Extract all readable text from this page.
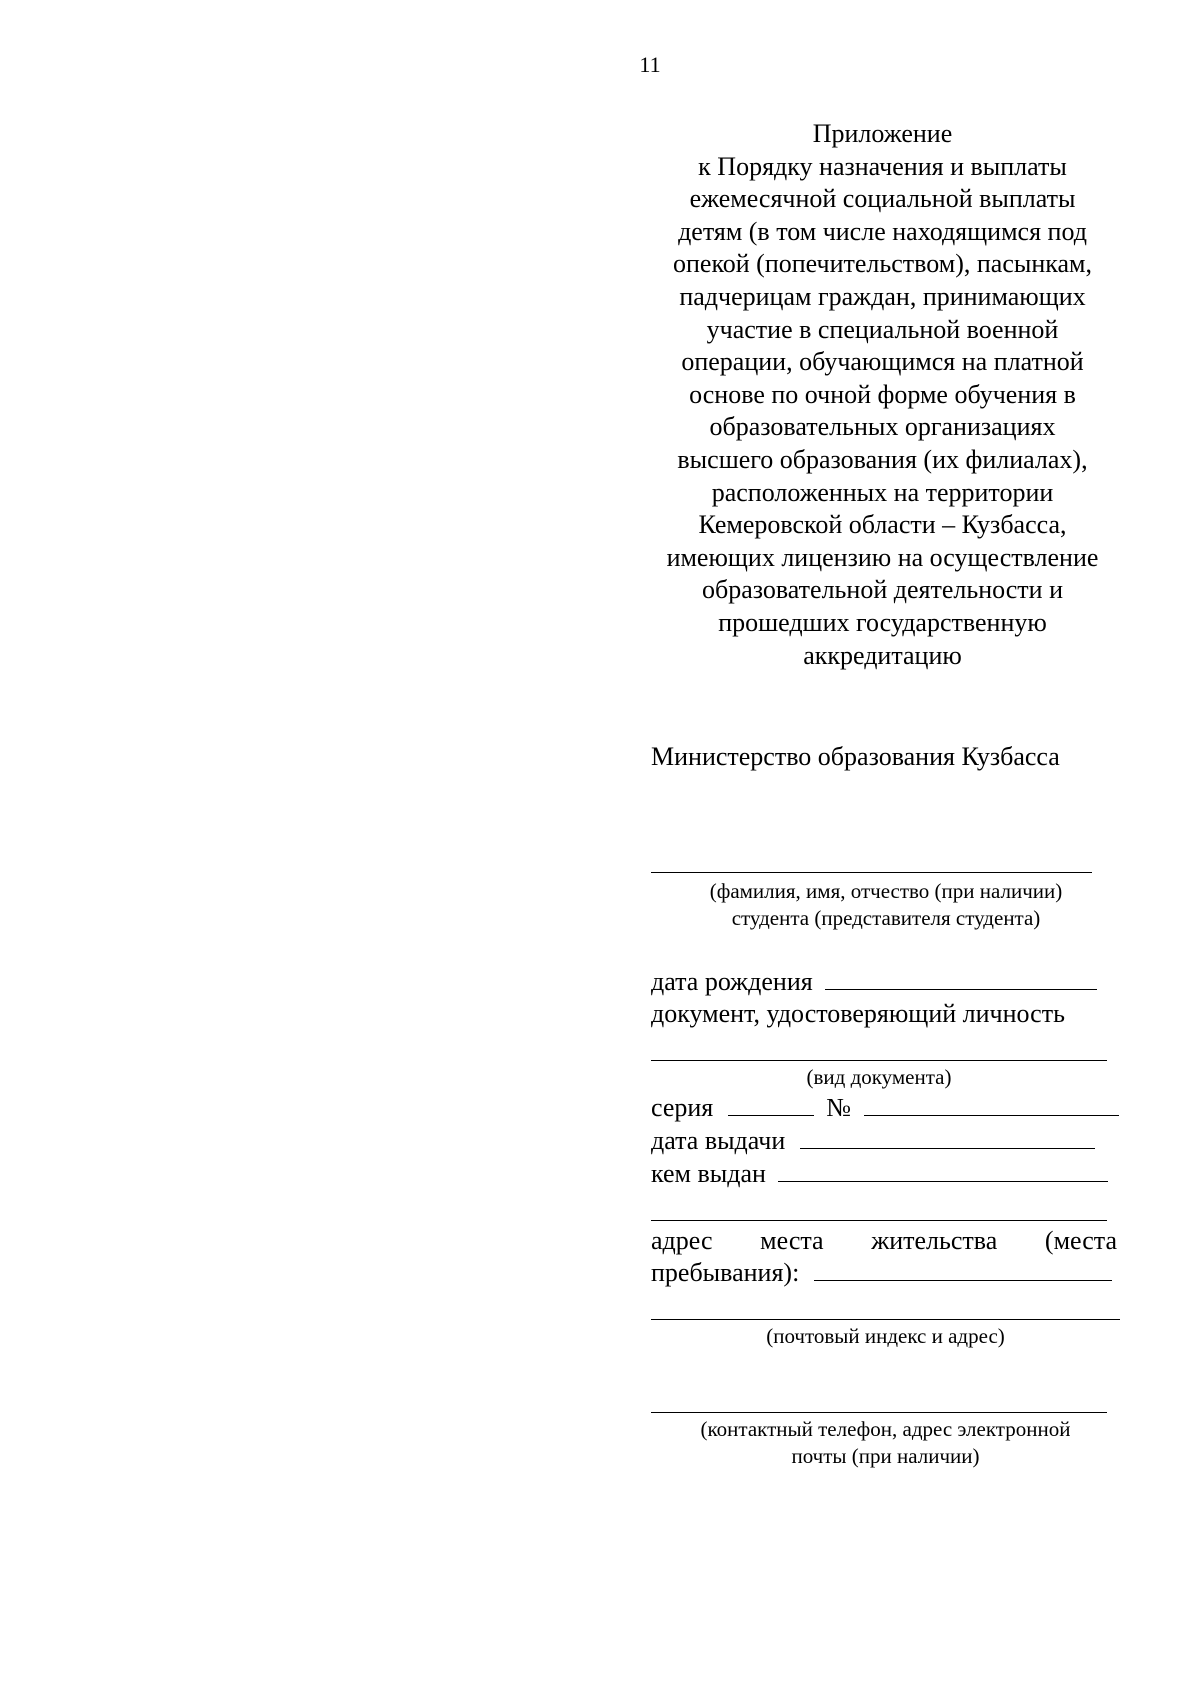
11
Приложение
к Порядку назначения и выплаты
ежемесячной социальной выплаты
детям (в том числе находящимся под
опекой (попечительством), пасынкам,
падчерицам граждан, принимающих
участие в специальной военной
операции, обучающимся на платной
основе по очной форме обучения в
образовательных организациях
высшего образования (их филиалах),
расположенных на территории
Кемеровской области – Кузбасса,
имеющих лицензию на осуществление
образовательной деятельности и
прошедших государственную
аккредитацию
Министерство образования Кузбасса
(фамилия, имя, отчество (при наличии)
студента (представителя студента)
дата рождения
документ, удостоверяющий личность
(вид документа)
серия	№
дата выдачи
кем выдан
адрес места жительства (места
пребывания):
(почтовый индекс и адрес)
(контактный телефон, адрес электронной
почты (при наличии)
